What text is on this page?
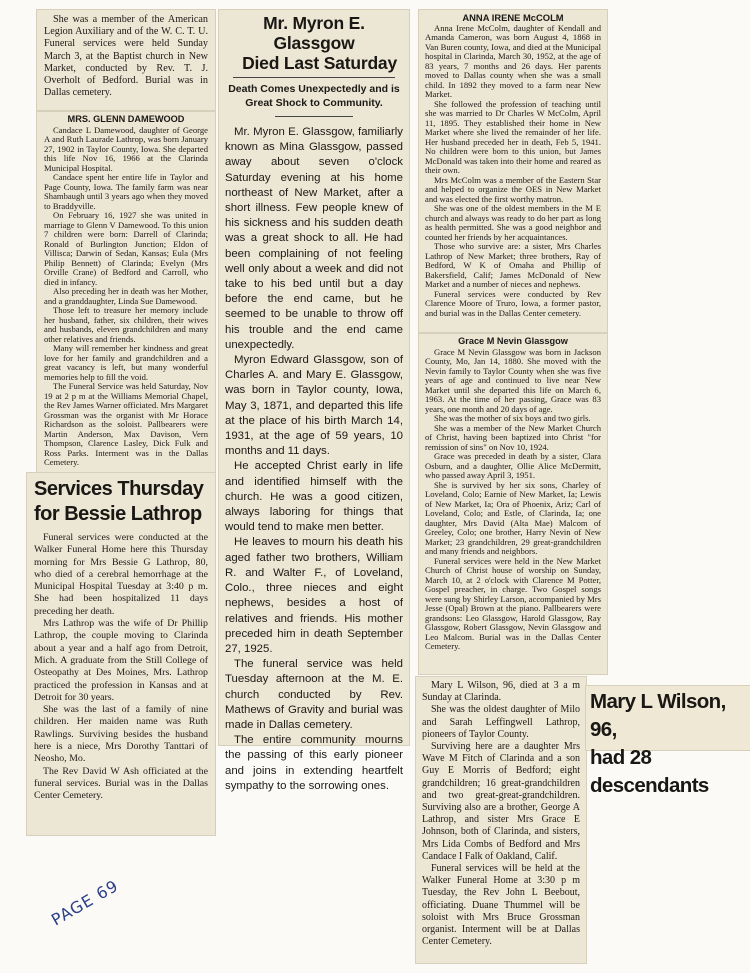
She was a member of the American Legion Auxiliary and of the W. C. T. U. Funeral services were held Sunday March 3, at the Baptist church in New Market, conducted by Rev. T. J. Overholt of Bedford. Burial was in Dallas cemetery.

MRS. GLENN DAMEWOOD

Candace L Damewood, daughter of George A and Ruth Laurade Lathrop, was born January 27, 1902 in Taylor County, Iowa. She departed this life Nov 16, 1966 at the Clarinda Municipal Hospital.

Candace spent her entire life in Taylor and Page County, Iowa. The family farm was near Shambaugh until 3 years ago when they moved to Braddyville.

On February 16, 1927 she was united in marriage to Glenn V Damewood. To this union 7 children were born: Darrell of Clarinda; Ronald of Burlington Junction; Eldon of Villisca; Darwin of Sedan, Kansas; Eula (Mrs Philip Bennett) of Clarinda; Evelyn (Mrs Orville Crane) of Bedford and Carroll, who died in infancy.

Also preceding her in death was her Mother, and a granddaughter, Linda Sue Damewood.

Those left to treasure her memory include her husband, father, six children, their wives and husbands, eleven grandchildren and many other relatives and friends.

Many will remember her kindness and great love for her family and grandchildren and a great vacancy is left, but many wonderful memories help to fill the void.

The Funeral Service was held Saturday, Nov 19 at 2 p m at the Williams Memorial Chapel, the Rev James Warner officiated. Mrs Margaret Grossman was the organist with Mr Horace Richardson as the soloist. Pallbearers were Martin Anderson, Max Davison, Vern Thompson, Clarence Lasley, Dick Fulk and Ross Parks. Interment was in the Dallas Cemetery.

Services Thursday

for Bessie Lathrop

Funeral services were conducted at the Walker Funeral Home here this Thursday morning for Mrs Bessie G Lathrop, 80, who died of a cerebral hemorrhage at the Municipal Hospital Tuesday at 3:40 p m. She had been hospitalized 11 days preceding her death.

Mrs Lathrop was the wife of Dr Phillip Lathrop, the couple moving to Clarinda about a year and a half ago from Detroit, Mich. A graduate from the Still College of Osteopathy at Des Moines, Mrs. Lathrop practiced the profession in Kansas and at Detroit for 30 years.

She was the last of a family of nine children. Her maiden name was Ruth Rawlings. Surviving besides the husband here is a niece, Mrs Dorothy Tanttari of Neosho, Mo.

The Rev David W Ash officiated at the funeral services. Burial was in the Dallas Center Cemetery.

Mr. Myron E. Glassgow

Died Last Saturday

Death Comes Unexpectedly and is Great Shock to Community.

Mr. Myron E. Glassgow, familiarly known as Mina Glassgow, passed away about seven o'clock Saturday evening at his home northeast of New Market, after a short illness. Few people knew of his sickness and his sudden death was a great shock to all. He had been complaining of not feeling well only about a week and did not take to his bed until but a day before the end came, but he seemed to be unable to throw off his trouble and the end came unexpectedly.

Myron Edward Glassgow, son of Charles A. and Mary E. Glassgow, was born in Taylor county, Iowa, May 3, 1871, and departed this life at the place of his birth March 14, 1931, at the age of 59 years, 10 months and 11 days.

He accepted Christ early in life and identified himself with the church. He was a good citizen, always laboring for things that would tend to make men better.

He leaves to mourn his death his aged father two brothers, William R. and Walter F., of Loveland, Colo., three nieces and eight nephews, besides a host of relatives and friends. His mother preceded him in death September 27, 1925.

The funeral service was held Tuesday afternoon at the M. E. church conducted by Rev. Mathews of Gravity and burial was made in Dallas cemetery.

The entire community mourns the passing of this early pioneer and joins in extending heartfelt sympathy to the sorrowing ones.

ANNA IRENE McCOLM

Anna Irene McColm, daughter of Kendall and Amanda Cameron, was born August 4, 1868 in Van Buren county, Iowa, and died at the Municipal hospital in Clarinda, March 30, 1952, at the age of 83 years, 7 months and 26 days. Her parents moved to Dallas county when she was a small child. In 1892 they moved to a farm near New Market.

She followed the profession of teaching until she was married to Dr Charles W McColm, April 11, 1895. They established their home in New Market where she lived the remainder of her life. Her husband preceded her in death, Feb 5, 1941. No children were born to this union, but James McDonald was taken into their home and reared as their own.

Mrs McColm was a member of the Eastern Star and helped to organize the OES in New Market and was elected the first worthy matron.

She was one of the oldest members in the M E church and always was ready to do her part as long as health permitted. She was a good neighbor and counted her friends by her acquaintances.

Those who survive are: a sister, Mrs Charles Lathrop of New Market; three brothers, Ray of Bedford, W K of Omaha and Phillip of Bakersfield, Calif; James McDonald of New Market and a number of nieces and nephews.

Funeral services were conducted by Rev Clarence Moore of Truro, Iowa, a former pastor, and burial was in the Dallas Center cemetery.

Grace M Nevin Glassgow

Grace M Nevin Glassgow was born in Jackson County, Mo, Jan 14, 1880. She moved with the Nevin family to Taylor County when she was five years of age and continued to live near New Market until she departed this life on March 6, 1963. At the time of her passing, Grace was 83 years, one month and 20 days of age.

She was the mother of six boys and two girls.

She was a member of the New Market Church of Christ, having been baptized into Christ "for remission of sins" on Nov 10, 1924.

Grace was preceded in death by a sister, Clara Osburn, and a daughter, Ollie Alice McDermitt, who passed away April 3, 1951.

She is survived by her six sons, Charley of Loveland, Colo; Earnie of New Market, Ia; Lewis of New Market, Ia; Ora of Phoenix, Ariz; Carl of Loveland, Colo; and Estle, of Clarinda, Ia; one daughter, Mrs David (Alta Mae) Malcom of Greeley, Colo; one brother, Harry Nevin of New Market; 23 grandchildren, 29 great-grandchildren and many friends and neighbors.

Funeral services were held in the New Market Church of Christ house of worship on Sunday, March 10, at 2 o'clock with Clarence M Potter, Gospel preacher, in charge. Two Gospel songs were sung by Shirley Larson, accompanied by Mrs Jesse (Opal) Brown at the piano. Pallbearers were grandsons: Leo Glassgow, Harold Glassgow, Ray Glassgow, Robert Glassgow, Nevin Glassgow and Leo Malcom. Burial was in the Dallas Center Cemetery.

Mary L Wilson, 96, died at 3 a m Sunday at Clarinda.

She was the oldest daughter of Milo and Sarah Leffingwell Lathrop, pioneers of Taylor County.

Surviving here are a daughter Mrs Wave M Fitch of Clarinda and a son Guy E Morris of Bedford; eight grandchildren; 16 great-grandchildren and two great-great-grandchildren. Surviving also are a brother, George A Lathrop, and sister Mrs Grace E Johnson, both of Clarinda, and sisters, Mrs Lida Combs of Bedford and Mrs Candace I Falk of Oakland, Calif.

Funeral services will be held at the Walker Funeral Home at 3:30 p m Tuesday, the Rev John L Beebout, officiating. Duane Thummel will be soloist with Mrs Bruce Grossman organist. Interment will be at Dallas Center Cemetery.

Mary L Wilson, 96,

had 28 descendants

PAGE 69
